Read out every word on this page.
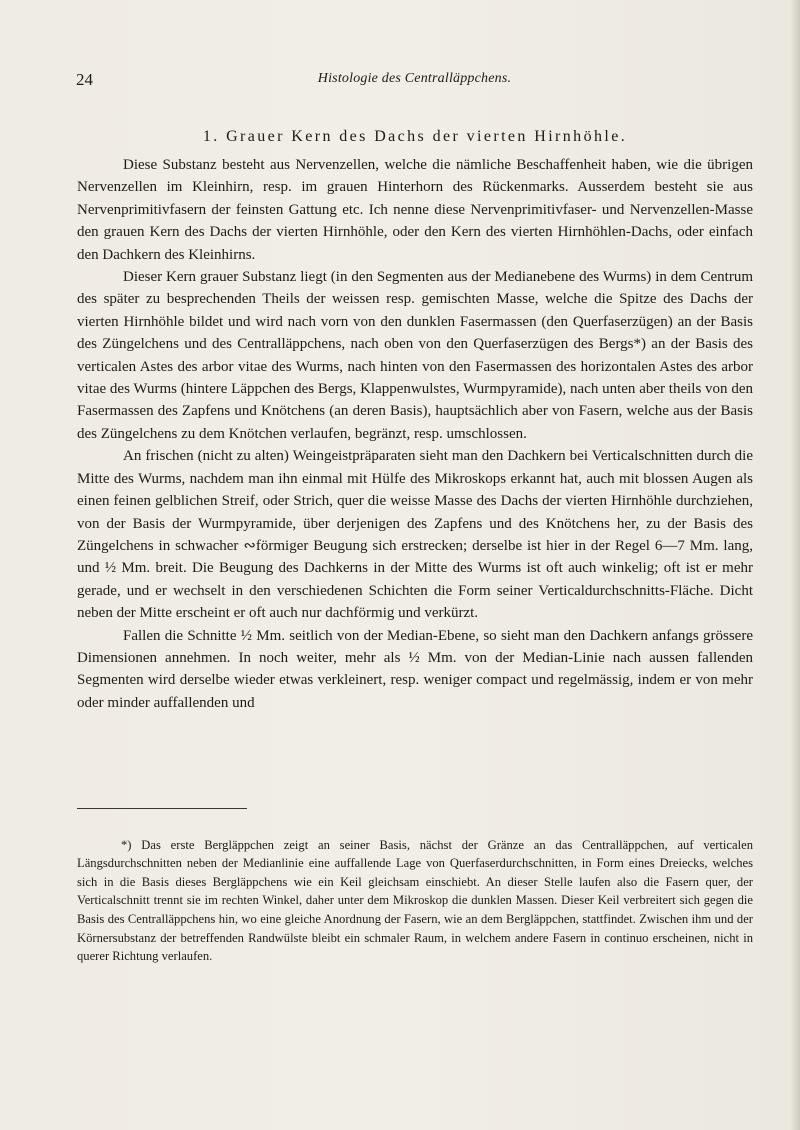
24	Histologie des Centralläppchens.
1. Grauer Kern des Dachs der vierten Hirnhöhle.

Diese Substanz besteht aus Nervenzellen, welche die nämliche Beschaffenheit haben, wie die übrigen Nervenzellen im Kleinhirn, resp. im grauen Hinterhorn des Rückenmarks. Ausserdem besteht sie aus Nervenprimitivfasern der feinsten Gattung etc. Ich nenne diese Nervenprimitivfaser- und Nervenzellen-Masse den grauen Kern des Dachs der vierten Hirnhöhle, oder den Kern des vierten Hirnhöhlen-Dachs, oder einfach den Dachkern des Kleinhirns.

Dieser Kern grauer Substanz liegt (in den Segmenten aus der Medianebene des Wurms) in dem Centrum des später zu besprechenden Theils der weissen resp. gemischten Masse, welche die Spitze des Dachs der vierten Hirnhöhle bildet und wird nach vorn von den dunklen Fasermassen (den Querfaserzügen) an der Basis des Züngelchens und des Centralläppchens, nach oben von den Querfaserzügen des Bergs*) an der Basis des verticalen Astes des arbor vitae des Wurms, nach hinten von den Fasermassen des horizontalen Astes des arbor vitae des Wurms (hintere Läppchen des Bergs, Klappenwulstes, Wurmpyramide), nach unten aber theils von den Fasermassen des Zapfens und Knötchens (an deren Basis), hauptsächlich aber von Fasern, welche aus der Basis des Züngelchens zu dem Knötchen verlaufen, begränzt, resp. umschlossen.

An frischen (nicht zu alten) Weingeistpräparaten sieht man den Dachkern bei Verticalschnitten durch die Mitte des Wurms, nachdem man ihn einmal mit Hülfe des Mikroskops erkannt hat, auch mit blossen Augen als einen feinen gelblichen Streif, oder Strich, quer die weisse Masse des Dachs der vierten Hirnhöhle durchziehen, von der Basis der Wurmpyramide, über derjenigen des Zapfens und des Knötchens her, zu der Basis des Züngelchens in schwacher ∾förmiger Beugung sich erstrecken; derselbe ist hier in der Regel 6—7 Mm. lang, und ½ Mm. breit. Die Beugung des Dachkerns in der Mitte des Wurms ist oft auch winkelig; oft ist er mehr gerade, und er wechselt in den verschiedenen Schichten die Form seiner Verticaldurchschnitts-Fläche. Dicht neben der Mitte erscheint er oft auch nur dachförmig und verkürzt.

Fallen die Schnitte ½ Mm. seitlich von der Median-Ebene, so sieht man den Dachkern anfangs grössere Dimensionen annehmen. In noch weiter, mehr als ½ Mm. von der Median-Linie nach aussen fallenden Segmenten wird derselbe wieder etwas verkleinert, resp. weniger compact und regelmässig, indem er von mehr oder minder auffallenden und

*) Das erste Bergläppchen zeigt an seiner Basis, nächst der Gränze an das Centralläppchen, auf verticalen Längsdurchschnitten neben der Medianlinie eine auffallende Lage von Querfaserdurchschnitten, in Form eines Dreiecks, welches sich in die Basis dieses Bergläppchens wie ein Keil gleichsam einschiebt. An dieser Stelle laufen also die Fasern quer, der Verticalschnitt trennt sie im rechten Winkel, daher unter dem Mikroskop die dunklen Massen. Dieser Keil verbreitert sich gegen die Basis des Centralläppchens hin, wo eine gleiche Anordnung der Fasern, wie an dem Bergläppchen, stattfindet. Zwischen ihm und der Körnersubstanz der betreffenden Randwülste bleibt ein schmaler Raum, in welchem andere Fasern in continuo erscheinen, nicht in querer Richtung verlaufen.
